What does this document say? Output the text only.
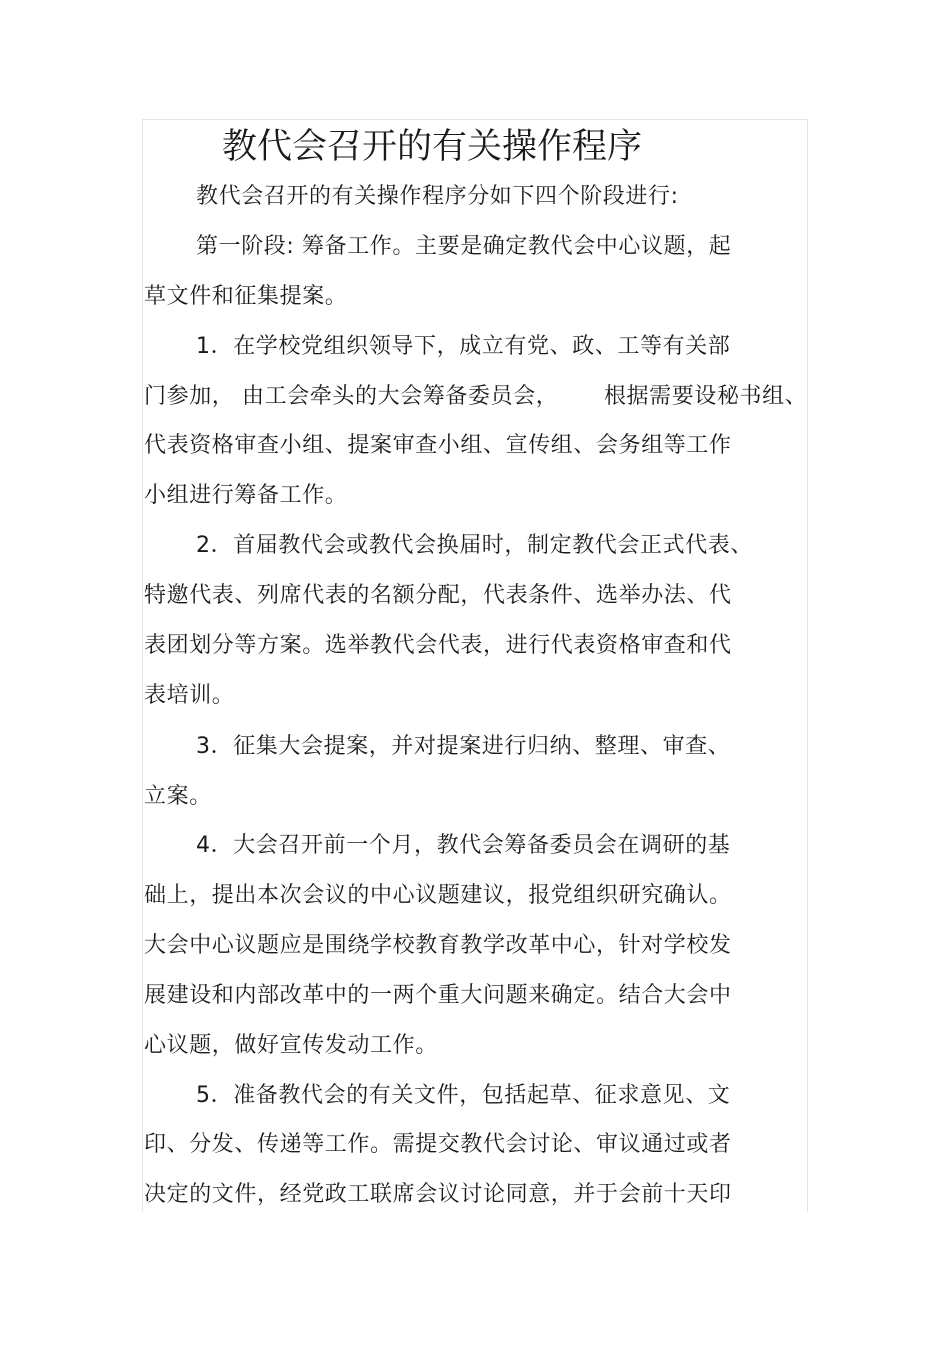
教代会召开的有关操作程序
教代会召开的有关操作程序分如下四个阶段进行:
第一阶段: 筹备工作。主要是确定教代会中心议题，起
草文件和征集提案。
1．在学校党组织领导下，成立有党、政、工等有关部
门参加， 由工会牵头的大会筹备委员会，      根据需要设秘书组、
代表资格审查小组、提案审查小组、宣传组、会务组等工作
小组进行筹备工作。
2．首届教代会或教代会换届时，制定教代会正式代表、
特邀代表、列席代表的名额分配，代表条件、选举办法、代
表团划分等方案。选举教代会代表，进行代表资格审查和代
表培训。
3．征集大会提案，并对提案进行归纳、整理、审查、
立案。
4．大会召开前一个月，教代会筹备委员会在调研的基
础上，提出本次会议的中心议题建议，报党组织研究确认。
大会中心议题应是围绕学校教育教学改革中心，针对学校发
展建设和内部改革中的一两个重大问题来确定。结合大会中
心议题，做好宣传发动工作。
5．准备教代会的有关文件，包括起草、征求意见、文
印、分发、传递等工作。需提交教代会讨论、审议通过或者
决定的文件，经党政工联席会议讨论同意，并于会前十天印
